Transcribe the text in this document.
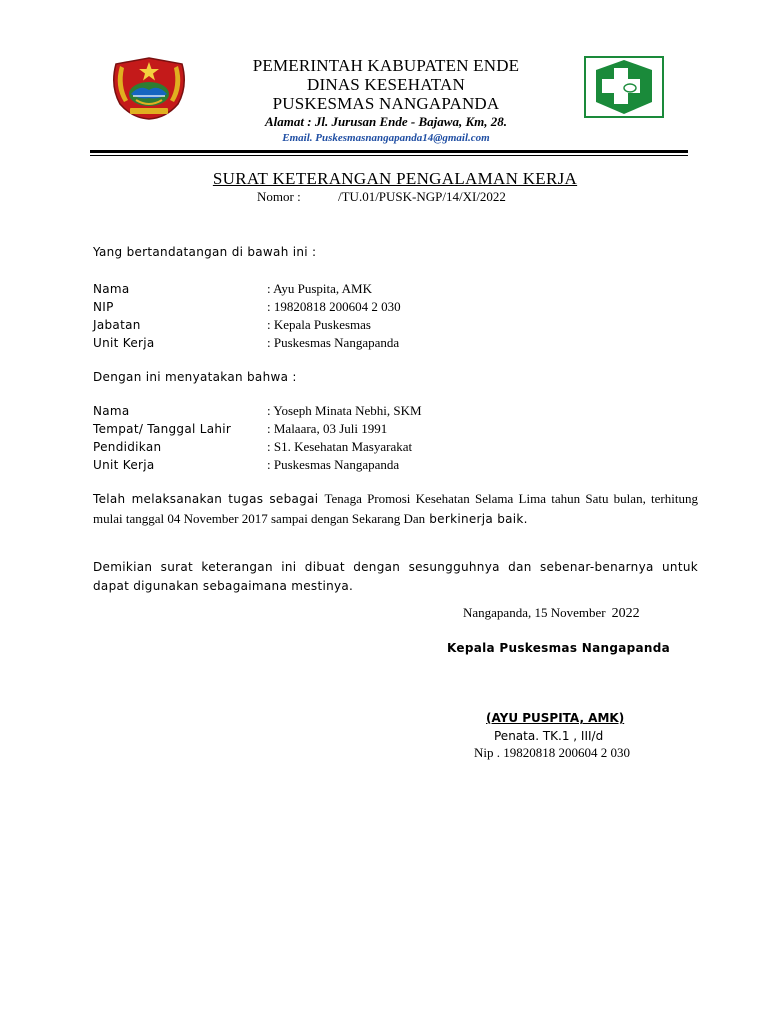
PEMERINTAH KABUPATEN ENDE
DINAS KESEHATAN
PUSKESMAS NANGAPANDA
Alamat : Jl. Jurusan Ende - Bajawa, Km, 28.
Email. Puskesmasnangapanda14@gmail.com
SURAT KETERANGAN PENGALAMAN KERJA
Nomor :	/TU.01/PUSK-NGP/14/XI/2022
Yang bertandatangan di bawah ini :
Nama	: Ayu Puspita, AMK
NIP	: 19820818 200604 2 030
Jabatan	: Kepala Puskesmas
Unit Kerja	: Puskesmas Nangapanda
Dengan ini menyatakan bahwa :
Nama	: Yoseph Minata Nebhi, SKM
Tempat/ Tanggal Lahir	: Malaara, 03 Juli 1991
Pendidikan	: S1. Kesehatan Masyarakat
Unit Kerja	: Puskesmas Nangapanda
Telah melaksanakan tugas sebagai Tenaga Promosi Kesehatan Selama Lima tahun Satu bulan, terhitung mulai tanggal 04 November 2017 sampai dengan Sekarang Dan berkinerja baik.
Demikian surat keterangan ini dibuat dengan sesungguhnya dan sebenar-benarnya untuk dapat digunakan sebagaimana mestinya.
Nangapanda, 15 November 2022
Kepala Puskesmas Nangapanda
(AYU PUSPITA, AMK)
Penata. TK.1 , III/d
Nip . 19820818 200604 2 030
